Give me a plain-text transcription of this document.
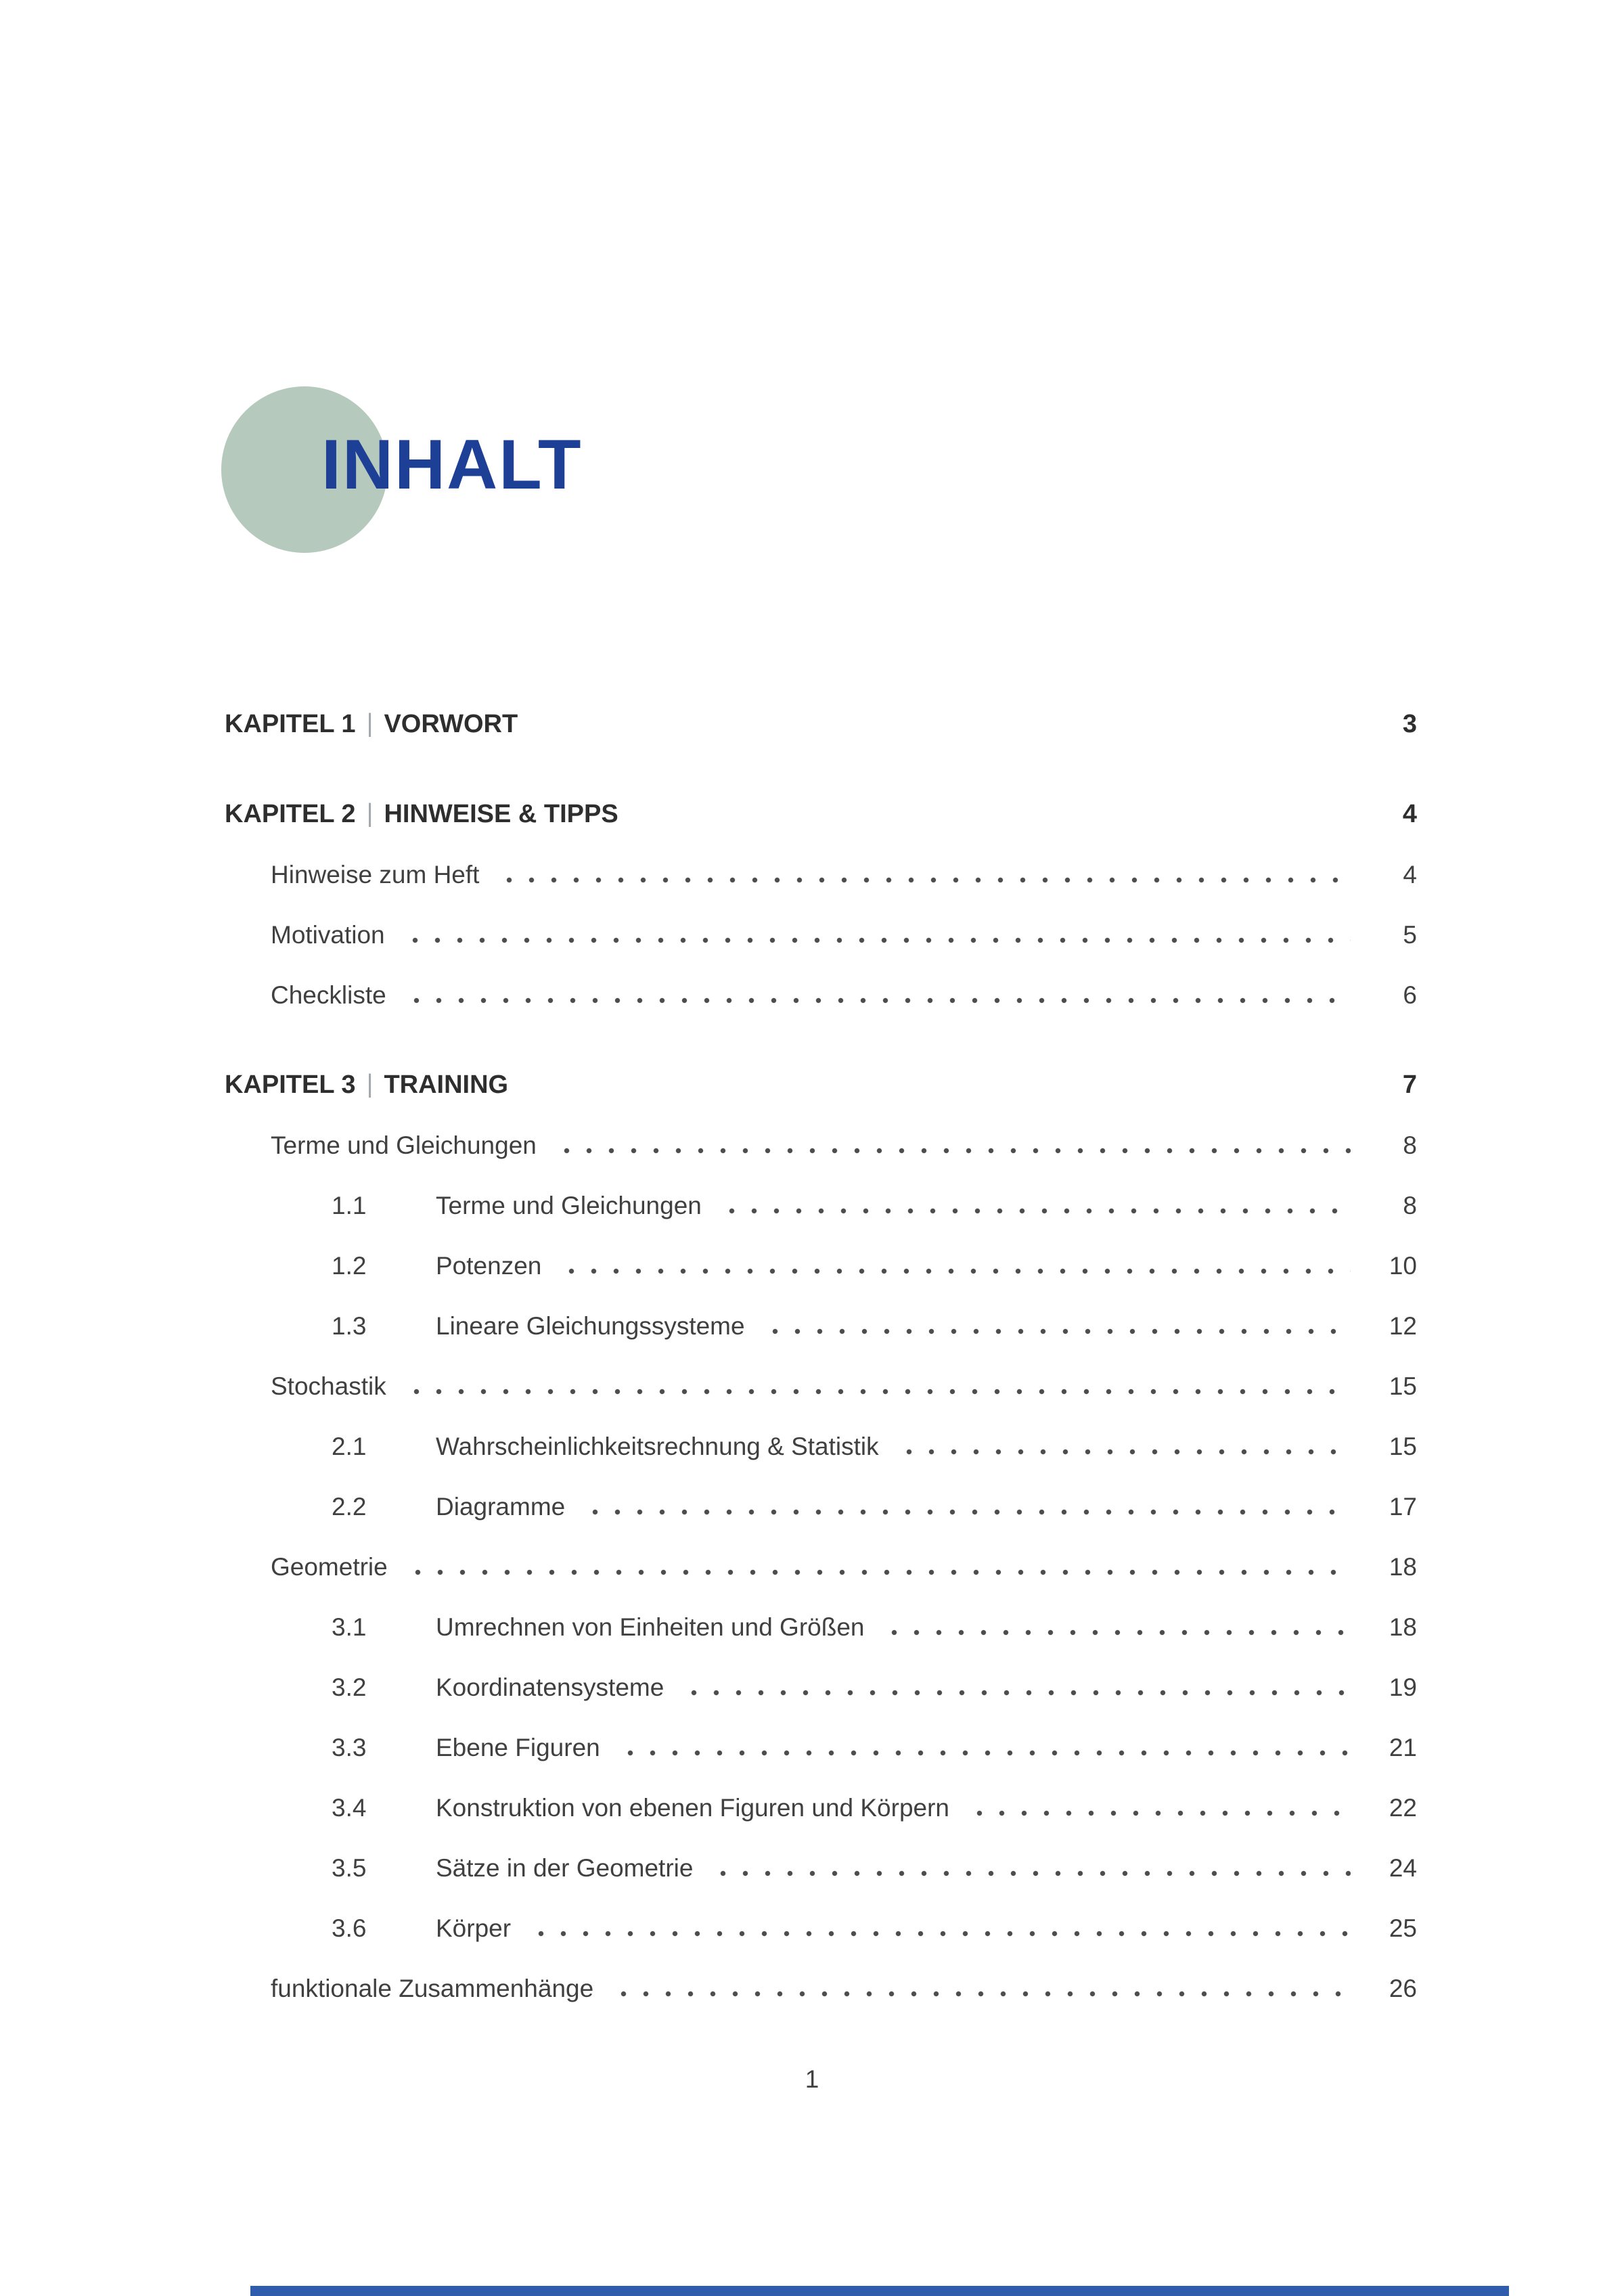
INHALT
KAPITEL 1 | VORWORT	3
KAPITEL 2 | HINWEISE & TIPPS	4
Hinweise zum Heft	4
Motivation	5
Checkliste	6
KAPITEL 3 | TRAINING	7
Terme und Gleichungen	8
1.1	Terme und Gleichungen	8
1.2	Potenzen	10
1.3	Lineare Gleichungssysteme	12
Stochastik	15
2.1	Wahrscheinlichkeitsrechnung & Statistik	15
2.2	Diagramme	17
Geometrie	18
3.1	Umrechnen von Einheiten und Größen	18
3.2	Koordinatensysteme	19
3.3	Ebene Figuren	21
3.4	Konstruktion von ebenen Figuren und Körpern	22
3.5	Sätze in der Geometrie	24
3.6	Körper	25
funktionale Zusammenhänge	26
1
